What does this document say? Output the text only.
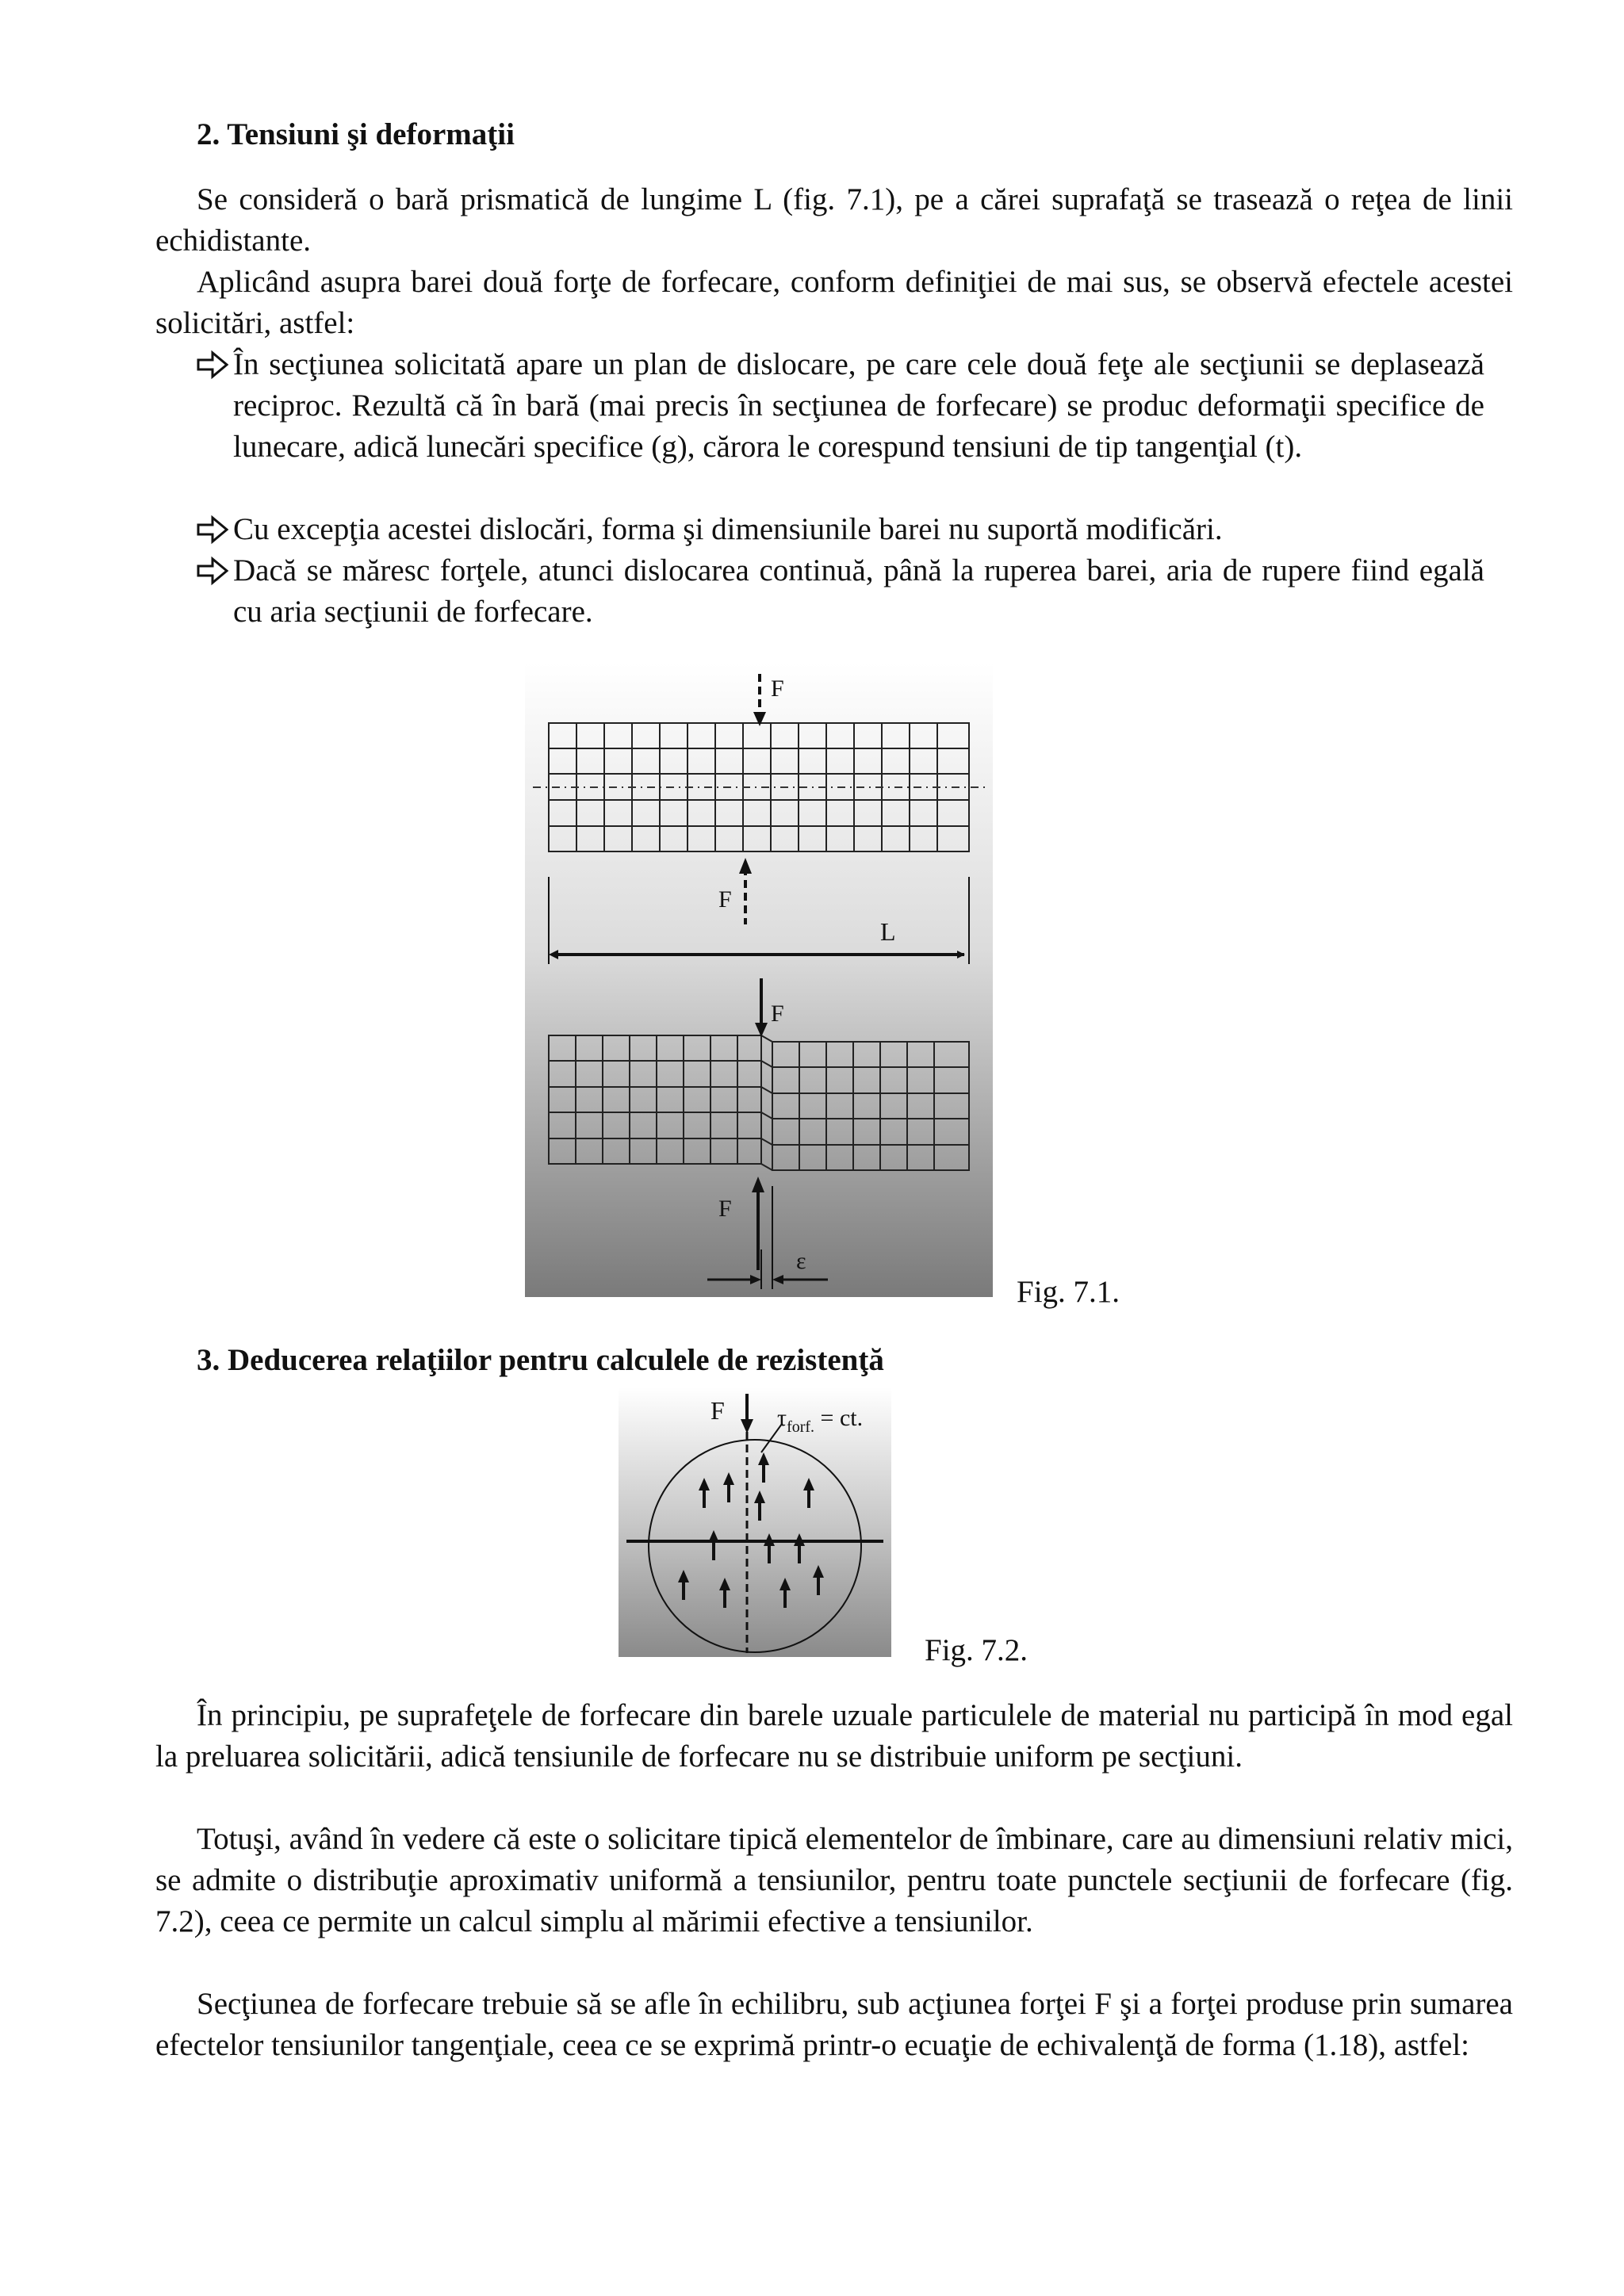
2. Tensiuni şi deformaţii
Se consideră o bară prismatică de lungime L (fig. 7.1), pe a cărei suprafaţă se trasează o reţea de linii echidistante.
Aplicând asupra barei două forţe de forfecare, conform definiţiei de mai sus, se observă efectele acestei solicitări, astfel:
În secţiunea solicitată apare un plan de dislocare, pe care cele două feţe ale secţiunii se deplasează reciproc. Rezultă că în bară (mai precis în secţiunea de forfecare) se produc deformaţii specifice de lunecare, adică lunecări specifice (g), cărora le corespund tensiuni de tip tangenţial (t).
Cu excepţia acestei dislocări, forma şi dimensiunile barei nu suportă modificări.
Dacă se măresc forţele, atunci dislocarea continuă, până la ruperea barei, aria de rupere fiind egală cu aria secţiunii de forfecare.
F
F
L
F
F
ε
Fig. 7.1.
3. Deducerea relaţiilor pentru calculele de rezistenţă
F $\tau_{forf.}$ = ct.
Fig. 7.2.
În principiu, pe suprafeţele de forfecare din barele uzuale particulele de material nu participă în mod egal la preluarea solicitării, adică tensiunile de forfecare nu se distribuie uniform pe secţiuni.
Totuşi, având în vedere că este o solicitare tipică elementelor de îmbinare, care au dimensiuni relativ mici, se admite o distribuţie aproximativ uniformă a tensiunilor, pentru toate punctele secţiunii de forfecare (fig. 7.2), ceea ce permite un calcul simplu al mărimii efective a tensiunilor.
Secţiunea de forfecare trebuie să se afle în echilibru, sub acţiunea forţei F şi a forţei produse prin sumarea efectelor tensiunilor tangenţiale, ceea ce se exprimă printr-o ecuaţie de echivalenţă de forma (1.18), astfel:
